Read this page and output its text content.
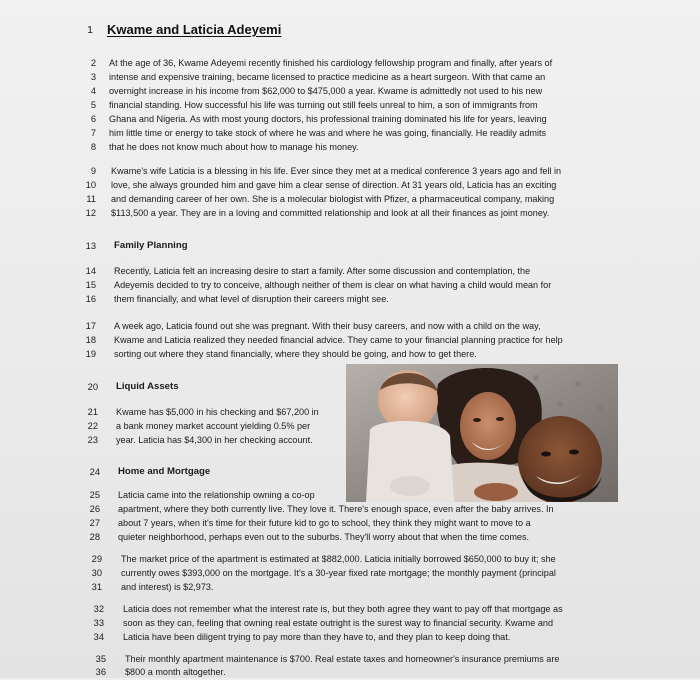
1 Kwame and Laticia Adeyemi
2 At the age of 36, Kwame Adeyemi recently finished his cardiology fellowship program and finally, after years of
3 intense and expensive training, became licensed to practice medicine as a heart surgeon. With that came an
4 overnight increase in his income from $62,000 to $475,000 a year. Kwame is admittedly not used to his new
5 financial standing. How successful his life was turning out still feels unreal to him, a son of immigrants from
6 Ghana and Nigeria. As with most young doctors, his professional training dominated his life for years, leaving
7 him little time or energy to take stock of where he was and where he was going, financially. He readily admits
8 that he does not know much about how to manage his money.
9 Kwame's wife Laticia is a blessing in his life. Ever since they met at a medical conference 3 years ago and fell in
10 love, she always grounded him and gave him a clear sense of direction. At 31 years old, Laticia has an exciting
11 and demanding career of her own. She is a molecular biologist with Pfizer, a pharmaceutical company, making
12 $113,500 a year. They are in a loving and committed relationship and look at all their finances as joint money.
13 Family Planning
14 Recently, Laticia felt an increasing desire to start a family. After some discussion and contemplation, the
15 Adeyemis decided to try to conceive, although neither of them is clear on what having a child would mean for
16 them financially, and what level of disruption their careers might see.
17 A week ago, Laticia found out she was pregnant. With their busy careers, and now with a child on the way,
18 Kwame and Laticia realized they needed financial advice. They came to your financial planning practice for help
19 sorting out where they stand financially, where they should be going, and how to get there.
20 Liquid Assets
21 Kwame has $5,000 in his checking and $67,200 in
22 a bank money market account yielding 0.5% per
23 year. Laticia has $4,300 in her checking account.
24 Home and Mortgage
25 Laticia came into the relationship owning a co-op
26 apartment, where they both currently live. They love it. There's enough space, even after the baby arrives. In
27 about 7 years, when it's time for their future kid to go to school, they think they might want to move to a
28 quieter neighborhood, perhaps even out to the suburbs. They'll worry about that when the time comes.
29 The market price of the apartment is estimated at $882,000. Laticia initially borrowed $650,000 to buy it; she
30 currently owes $393,000 on the mortgage. It's a 30-year fixed rate mortgage; the monthly payment (principal
31 and interest) is $2,973.
32 Laticia does not remember what the interest rate is, but they both agree they want to pay off that mortgage as
33 soon as they can, feeling that owning real estate outright is the surest way to financial security. Kwame and
34 Laticia have been diligent trying to pay more than they have to, and they plan to keep doing that.
35 Their monthly apartment maintenance is $700. Real estate taxes and homeowner's insurance premiums are
36 $800 a month altogether.
